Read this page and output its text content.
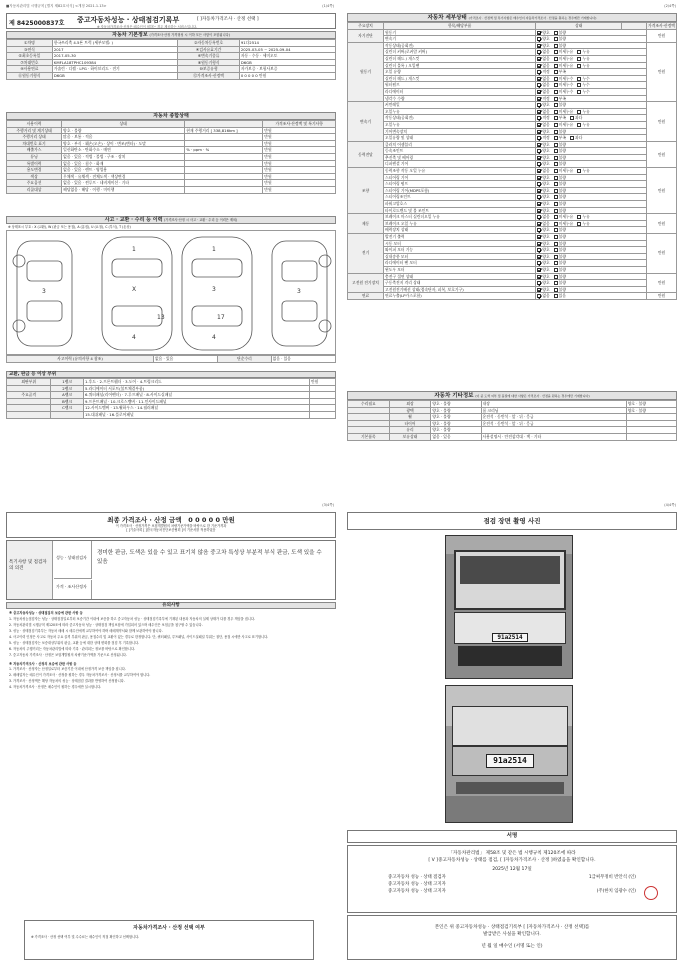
■자동차관리법 시행규칙 [별지 제82호서식] <개정 2021.1.13>	(1/4쪽)
제 8425000837호 중고자동차성능 · 상태점검기록부	[ ]자동차가격조사 · 산정 선택 ]
※ 자동차가격조사·산정은 매수인이 원하는 경우 제공하는 서비스입니다.
자동차 기본정보 (가격조사·산정 가격형성 시 이하 모든 사항이 포함됩니다)
①차명	한국쓰리축 4.5톤 트럭 (세부모델: )	②자동차등록번호	91다2514
③연식	2017	④검사유효기간	2025-03-05 ~ 2025-09-04
⑤최초등록일	2017-05-30	⑥변속기종류	자동 · 수동 · 세미오토
⑦차대번호	KMFLA18TPHC109384	⑧원동기형식	D6GB
⑨사용연료	가솔린 · 디젤 · LPG · 하이브리드 · 전기	⑩보증유형	자가보증 · 보험사보증
⑪원동기형식	D6GB	⑫가격조사·산정액	0 0 0 0 0 만원
자동차 종합상태
사용이력	상태		가격조사·산정액 및 특기사항
주행거리 및 계기상태	양호 · 불량	현재 주행거리 [ 338,816km ]	만원
주행거리 상태	많음 · 보통 · 적음		만원
차대번호 표기	양호 · 부식 · 훼손(오손) · 상이 · 변조(변타) · 도말		만원
배출가스	일산화탄소 · 탄화수소 · 매연	% · ppm · %	만원
튜닝	없음 · 있음 · 적법 · 불법 · 구조 · 장치		만원
특별이력	없음 · 있음 · 침수 · 화재		만원
용도변경	없음 · 있음 · 렌트 · 영업용		만원
색상	무채색 · 유채색 · 전체도색 · 색상변경		만원
주요옵션	없음 · 있음 · 썬루프 · 네비게이션 · 기타		만원
리콜대상	해당없음 · 해당 · 이행 · 미이행		만원
사고 · 교환 · 수리 등 이력 (가격조사·산정 시 사고 · 교환 · 수리 등 이력은 제외)
※ 상태표시 부호 : X (교환), W (판금 또는 용접), A (흠집), U (요철), C (부식), T (손상)
1	1
X	3
4	4
3	3
13	17
사고이력 (유의사항 4 참조)	없음 · 있음	단순수리	없음 · 있음
교환, 판금 등 이상 부위
외판부위	1랭크	1.후드 · 2.프론트휀더 · 3.도어 · 4.트렁크리드	만원
	2랭크	5.라디에이터 서포트(볼트체결부품)	
주요골격	A랭크	6.쿼터패널(리어펜더) · 7.루프패널 · 8.사이드실패널	
	B랭크	9.프론트패널 · 10.크로스멤버 · 11.인사이드패널	
	C랭크	12.사이드멤버 · 13.휠하우스 · 14.필러패널	
		15.대쉬패널 · 16.플로어패널	
(2/4쪽)
자동차 세부상태 (가격조사 · 산정액 및 특기사항은 매수인이 자동차가격조사 · 산정을 원하는 경우에만 기재합니다)
주요장치	항목/해당부품	상태		가격조사·산정액
자기진단	원동기	양호 불량		만원
	변속기	양호 불량		
원동기	작동상태(공회전)	양호 불량		만원
	실린더 커버(로커암 커버)	없음 미세누유 누유		
	실린더 헤드 / 개스킷	없음 미세누유 누유		
	실린더 블록 / 오일팬	없음 미세누유 누유		
	오일 유량	적정 부족		
	실린더 헤드 / 개스킷	없음 미세누수 누수		
	워터펌프	없음 미세누수 누수		
	라디에이터	없음 미세누수 누수		
	냉각수 수량	적정 부족		
변속기	커먼레일	양호 불량		만원
	오일누유	없음 미세누유 누유		
	작동상태(공회전)	적정 부족 과다		
	오일누유	없음 미세누유 누유		
	기어변속장치	양호 불량		
	오일유량 및 상태	적정 부족 과다		
동력전달	클러치 어셈블리	양호 불량		만원
	등속조인트	양호 불량		
	추진축 및 베어링	양호 불량		
	디퍼렌셜 기어	양호 불량		
조향	동력조향 작동 오일 누유	없음 미세누유 누유		만원
	스티어링 기어	양호 불량		
	스티어링 펌프	양호 불량		
	스티어링 기어(MDPS포함)	양호 불량		
	스티어링조인트	양호 불량		
	파워고압호스	양호 불량		
	타이로드엔드 및 볼 조인트	양호 불량		
제동	브레이크 마스터 실린더오일 누유	없음 미세누유 누유		만원
	브레이크 오일 누유	없음 미세누유 누유		
	배력장치 상태	양호 불량		
전기	발전기 출력	양호 불량		만원
	시동 모터	양호 불량		
	와이퍼 모터 기능	양호 불량		
	실내송풍 모터	양호 불량		
	라디에이터 팬 모터	양호 불량		
	윈도우 모터	양호 불량		
고전원 전기장치	충전구 절연 상태	양호 불량		만원
	구동축전지 격리 상태	양호 불량		
	고전원전기배선 상태(접속단자, 피복, 보호기구)	양호 불량		
연료	연료누출(LP가스포함)	없음 있음		만원
자동차 기타정보 (이 중 도색 여부 및 품질에 대한 사항은 가격조사 · 산정을 원하는 경우에만 기재합니다)
수리필요	외장	양호 · 불량	내장	양호 · 불량
	광택	양호 · 불량	룸 크리닝	양호 · 불량
	휠	양호 · 불량	운전석 · 동반석 · 앞 · 뒤 · 응급	
	타이어	양호 · 불량	운전석 · 동반석 · 앞 · 뒤 · 응급	
	유리	양호 · 불량		
기본품목	보유상태	없음 · 있음	사용설명서 · 안전삼각대 · 잭 · 기타	
(3/4쪽)
최종 가격조사 · 산정 금액 0 0 0 0 0 만원
이 가격조사 · 산정가격은 보험개발원의 차량기준가액을 바탕으로 한 기준가격과
[ ]기술사회 [ ]한국자동차진단보증협회 ]의 기준서를 적용하였음
특기사항 및 점검자의 의견
성능 · 상태점검자
경미한 판금, 도색은 있을 수 있고 표기치 않음 중고차 특성상 부분적 부식 판금, 도색 있을 수 있음
가격 · 조사산정자
유의사항
※ 중고자동차성능 · 상태점검의 보증에 관한 사항 등
1. 자동차성능점검자는 성능 · 상태점검일로부터 보증기간 이내에 보증을 하고 중고자동차 성능 · 상태점검기록부에 기재된 내용과 자동차의 실제 상태가 다를 경우 책임을 집니다.
2. 자동차관리법 시행규칙 제120조에 따라 중고자동차 성능 · 상태점검 책임보험에 가입되어 있으며 매수인은 보험금을 청구할 수 있습니다.
3. 성능 · 상태점검기록부는 자동차 매매 시 매수인에게 교부하여야 하며 매매계약서와 함께 보관하여야 합니다.
4. 사고이력 인정은 사고로 자동차 주요 골격 부위의 판금, 용접수리 및 교환이 있는 경우로 한정합니다. 단, 쿼터패널, 루프패널, 사이드실패널 부위는 절단, 용접 시에만 사고로 표기합니다.
5. 성능 · 상태점검자는 보증대상부위의 판금, 교환 등에 대한 상태 변화를 점검 후 기록합니다.
6. 자동차의 주행거리는 자동차관리법에 따라 기록 · 관리되는 정보를 바탕으로 확인합니다.
7. 중고자동차 가격조사 · 산정은 보험개발원의 차량기준가액을 기준으로 산정됩니다.
※ 자동차가격조사 · 산정의 보증에 관한 사항 등
1. 가격조사 · 산정자는 산정일로부터 보증기간 이내에 산정가격 보증 책임을 집니다.
2. 매매업자는 매수인이 가격조사 · 산정을 원하는 경우 자동차가격조사 · 산정서를 교부하여야 합니다.
3. 가격조사 · 산정액은 해당 자동차의 성능 · 상태점검 결과를 반영하여 산정합니다.
4. 자동차가격조사 · 산정은 매수인이 원하는 경우에만 실시합니다.
자동차가격조사 · 산정 선택 여부
※ 가격조사 · 산정 선택 여부 및 수수료는 매수인이 직접 확인하고 선택합니다.
(4/4쪽)
점검 장면 촬영 사진
91a2514
91a2514
서명
「자동차관리법」 제58조 및 같은 법 시행규칙 제120조에 따라
[ V ]중고자동차성능 · 상태를 점검, [ ]자동차가격조사 · 산정 ]하였음을 확인합니다.
2025년 12월 17일
중고자동차 성능 · 상태 점검자	1급써무정비 반안석 (인)
중고자동차 성능 · 상태 고지자
중고자동차 성능 · 상태 고지자	(주)한치 임광수 (인)
본인은 위 중고자동차성능 · 상태점검기록부 [ ]자동차가격조사 · 산정 선택]를
발급받은 사실을 확인합니다.
년 월 일 매수인 (서명 또는 인)
